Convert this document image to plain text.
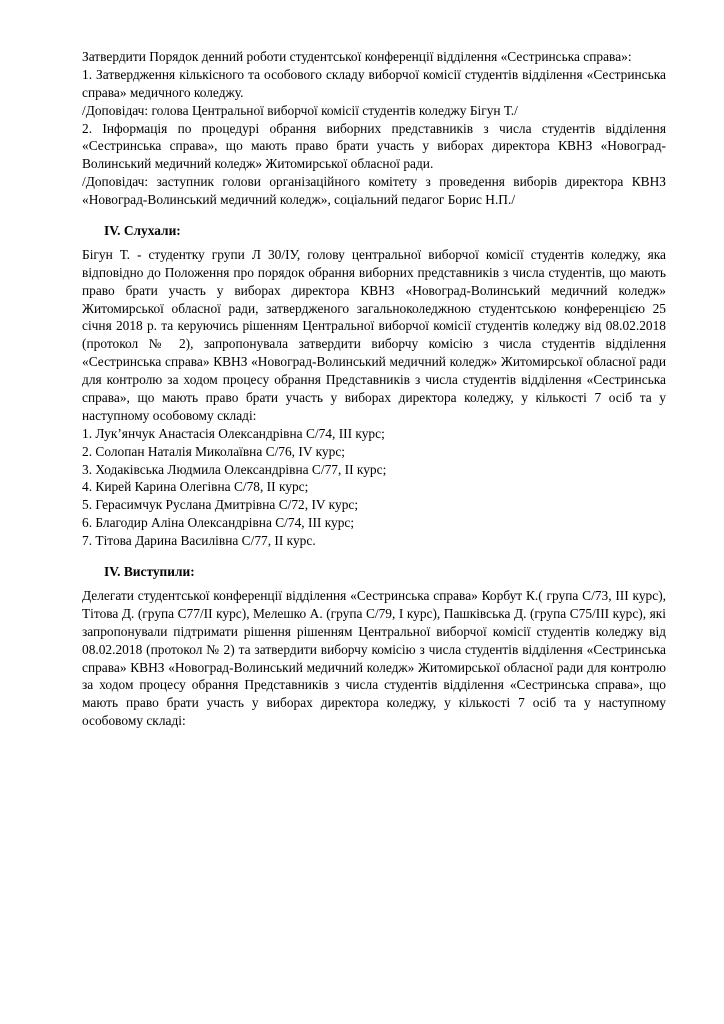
Затвердити Порядок денний роботи студентської конференції відділення «Сестринська справа»:

1. Затвердження кількісного та особового складу виборчої комісії студентів відділення «Сестринська справа» медичного коледжу.

/Доповідач: голова Центральної виборчої комісії студентів коледжу Бігун Т./

2. Інформація по процедурі обрання виборних представників з числа студентів відділення «Сестринська справа», що мають право брати участь у виборах директора КВНЗ «Новоград-Волинський медичний коледж» Житомирської обласної ради.

/Доповідач: заступник голови організаційного комітету з проведення виборів директора КВНЗ «Новоград-Волинський медичний коледж», соціальний педагог Борис Н.П./

IV. Слухали:

Бігун Т. - студентку групи Л 30/IУ, голову центральної виборчої комісії студентів коледжу, яка відповідно до Положення про порядок обрання виборних представників з числа студентів, що мають право брати участь у виборах директора КВНЗ «Новоград-Волинський медичний коледж» Житомирської обласної ради, затвердженого загальноколеджною студентською конференцією 25 січня 2018 р. та керуючись рішенням Центральної виборчої комісії студентів коледжу від 08.02.2018 (протокол № 2), запропонувала затвердити виборчу комісію з числа студентів відділення «Сестринська справа» КВНЗ «Новоград-Волинський медичний коледж» Житомирської обласної ради для контролю за ходом процесу обрання Представників з числа студентів відділення «Сестринська справа», що мають право брати участь у виборах директора коледжу, у кількості 7 осіб та у наступному особовому складі:

1. Лук’янчук Анастасія Олександрівна С/74, III курс;
2. Солопан Наталія Миколаївна С/76, IV курс;
3. Ходаківська Людмила Олександрівна С/77, II курс;
4. Кирей Карина Олегівна С/78, II курс;
5. Герасимчук Руслана Дмитрівна С/72, IV курс;
6. Благодир Аліна Олександрівна С/74, III курс;
7. Тітова Дарина Василівна С/77, II курс.

IV. Виступили:

Делегати студентської конференції відділення «Сестринська справа» Корбут К.( група С/73, III курс), Тітова Д. (група С77/II курс), Мелешко А. (група С/79, I курс), Пашківська Д. (група С75/III курс), які запропонували підтримати рішення рішенням Центральної виборчої комісії студентів коледжу від 08.02.2018 (протокол № 2) та затвердити виборчу комісію з числа студентів відділення «Сестринська справа» КВНЗ «Новоград-Волинський медичний коледж» Житомирської обласної ради для контролю за ходом процесу обрання Представників з числа студентів відділення «Сестринська справа», що мають право брати участь у виборах директора коледжу, у кількості 7 осіб та у наступному особовому складі:
